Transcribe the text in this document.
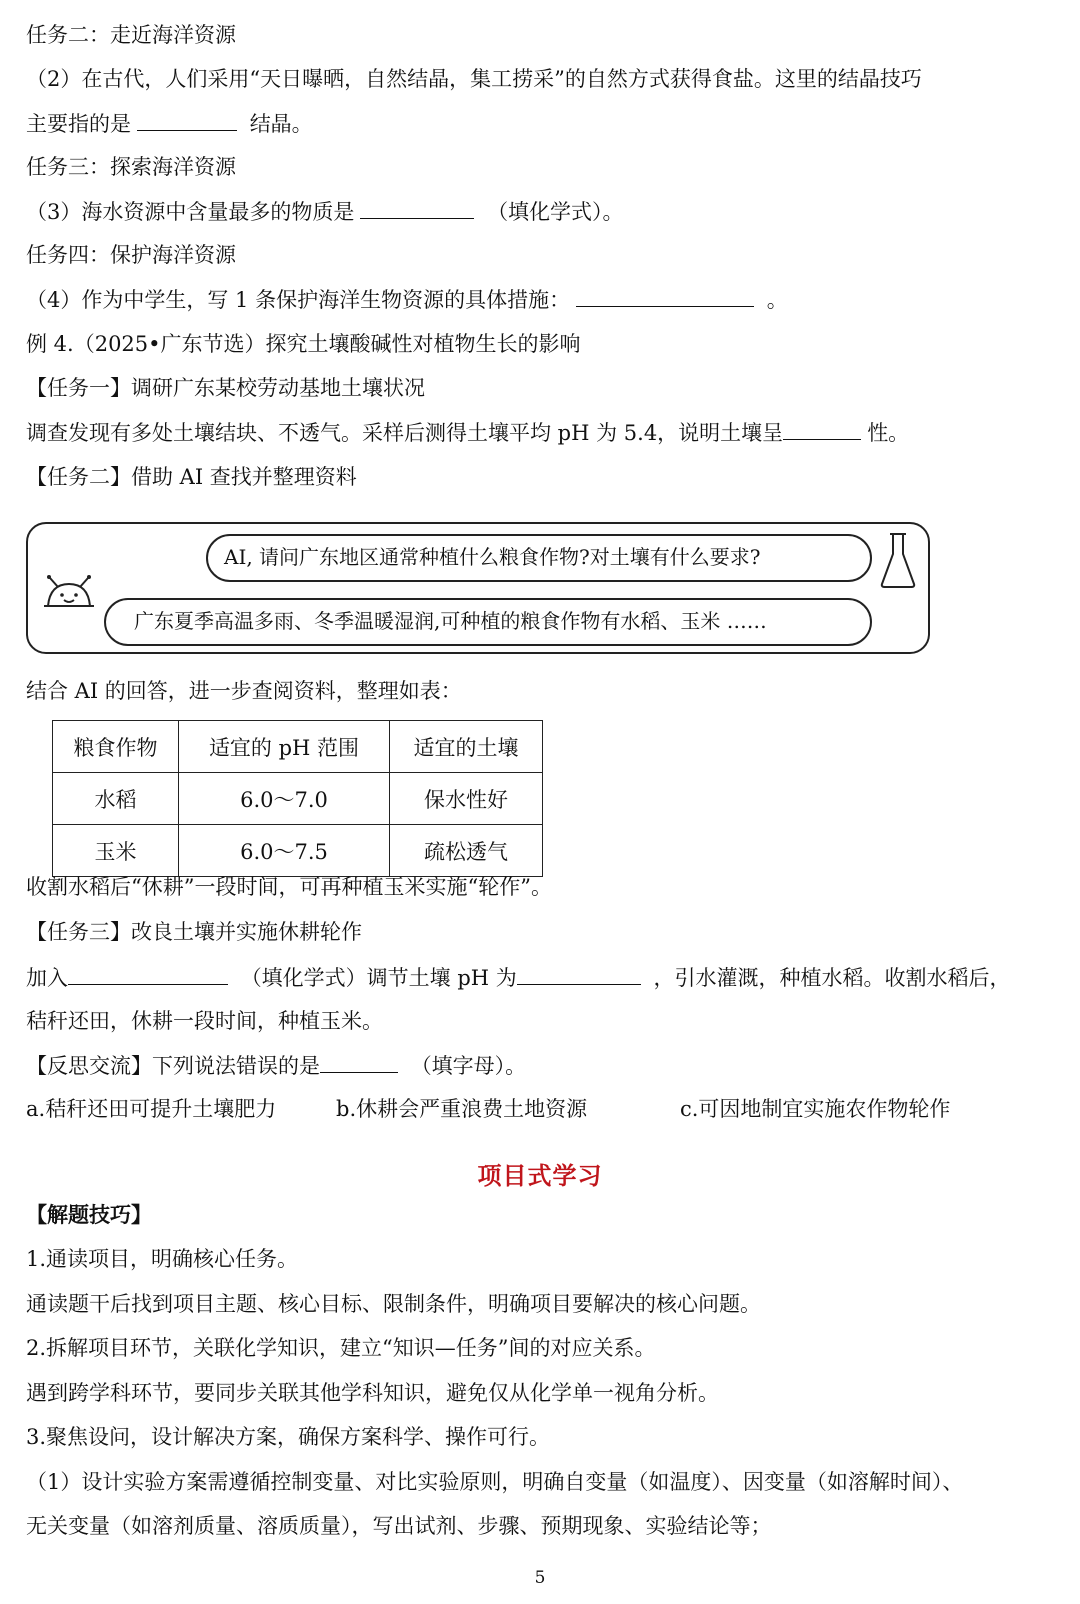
任务二：走近海洋资源
（2）在古代，人们采用“天日曝晒，自然结晶，集工捞采”的自然方式获得食盐。这里的结晶技巧
主要指的是	结晶。
任务三：探索海洋资源
（3）海水资源中含量最多的物质是	（填化学式）。
任务四：保护海洋资源
（4）作为中学生，写 1 条保护海洋生物资源的具体措施：	。
例 4.（2025•广东节选）探究土壤酸碱性对植物生长的影响
【任务一】调研广东某校劳动基地土壤状况
调查发现有多处土壤结块、不透气。采样后测得土壤平均 pH 为 5.4，说明土壤呈	性。
【任务二】借助 AI 查找并整理资料
AI, 请问广东地区通常种植什么粮食作物?对土壤有什么要求?
广东夏季高温多雨、冬季温暖湿润,可种植的粮食作物有水稻、玉米 ……
结合 AI 的回答，进一步查阅资料，整理如表：
粮食作物	适宜的 pH 范围	适宜的土壤
水稻	6.0～7.0	保水性好
玉米	6.0～7.5	疏松透气
收割水稻后“休耕”一段时间，可再种植玉米实施“轮作”。
【任务三】改良土壤并实施休耕轮作
加入	（填化学式）调节土壤 pH 为	，引水灌溉，种植水稻。收割水稻后，
秸秆还田，休耕一段时间，种植玉米。
【反思交流】下列说法错误的是	（填字母）。
a.秸秆还田可提升土壤肥力	b.休耕会严重浪费土地资源	c.可因地制宜实施农作物轮作
项目式学习
【解题技巧】
1.通读项目，明确核心任务。
通读题干后找到项目主题、核心目标、限制条件，明确项目要解决的核心问题。
2.拆解项目环节，关联化学知识，建立“知识—任务”间的对应关系。
遇到跨学科环节，要同步关联其他学科知识，避免仅从化学单一视角分析。
3.聚焦设问，设计解决方案，确保方案科学、操作可行。
（1）设计实验方案需遵循控制变量、对比实验原则，明确自变量（如温度）、因变量（如溶解时间）、
无关变量（如溶剂质量、溶质质量），写出试剂、步骤、预期现象、实验结论等；
5
